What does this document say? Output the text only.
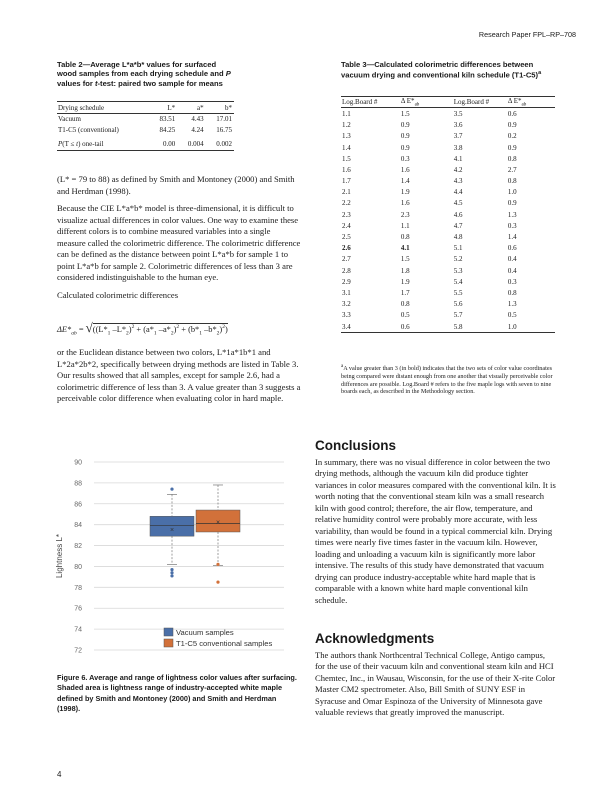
Research Paper FPL–RP–708
Table 2—Average L*a*b* values for surfaced wood samples from each drying schedule and P values for t-test: paired two sample for means
Drying schedule	L*	a*	b*
Vacuum	83.51	4.43	17.01
T1-C5 (conventional)	84.25	4.24	16.75
P(T ≤ t) one-tail	0.00	0.004	0.002

(L* = 79 to 88) as defined by Smith and Montoney (2000) and Smith and Herdman (1998).

Because the CIE L*a*b* model is three-dimensional, it is difficult to visualize actual differences in color values. One way to examine these different colors is to combine measured variables into a single measure called the colorimetric difference. The colorimetric difference can be defined as the distance between point L*a*b for sample 1 to point L*a*b for sample 2. Colorimetric differences of less than 3 are considered indistinguishable to the human eye.

Calculated colorimetric differences

$\Delta E*_{ab} = √((L*_1$ $-L*_2)^2 + (a*_1$ $-a*_2)^2 + (b*_1$ $-b*_2)^2$)

or the Euclidean distance between two colors, L*1a*1b*1 and L*2a*2b*2, specifically between drying methods are listed in Table 3. Our results showed that all samples, except for sample 2.6, had a colorimetric difference of less than 3. A value greater than 3 suggests a perceivable color difference when evaluating color in hard maple.

72
74
76
78
80
82
84
86
88
90
Lightness L*
×
×
Vacuum samples
T1-C5 conventional samples
Figure 6. Average and range of lightness color values after surfacing. Shaded area is lightness range of industry-accepted white maple defined by Smith and Montoney (2000) and Smith and Herdman (1998).
Table 3—Calculated colorimetric differences between vacuum drying and conventional kiln schedule $(T1-C5)^a$
Log.Board #	Δ $E*_{ab}$	Log.Board #	Δ $E*_{ab}$
1.1	1.5	3.5	0.6
1.2	0.9	3.6	0.9
1.3	0.9	3.7	0.2
1.4	0.9	3.8	0.9
1.5	0.3	4.1	0.8
1.6	1.6	4.2	2.7
1.7	1.4	4.3	0.8
2.1	1.9	4.4	1.0
2.2	1.6	4.5	0.9
2.3	2.3	4.6	1.3
2.4	1.1	4.7	0.3
2.5	0.8	4.8	1.4
2.6	4.1	5.1	0.6
2.7	1.5	5.2	0.4
2.8	1.8	5.3	0.4
2.9	1.9	5.4	0.3
3.1	1.7	5.5	0.8
3.2	0.8	5.6	1.3
3.3	0.5	5.7	0.5
3.4	0.6	5.8	1.0
$^a$A value greater than 3 (in bold) indicates that the two sets of color value coordinates being compared were distant enough from one another that visually perceivable color differences are possible. Log.Board # refers to the five maple logs with seven to nine boards each, as described in the Methodology section.
Conclusions

In summary, there was no visual difference in color between the two drying methods, although the vacuum kiln did produce tighter variances in color measures compared with the conventional kiln. It is worth noting that the conventional steam kiln was a small research kiln with good control; therefore, the air flow, temperature, and relative humidity control were probably more accurate, with less variability, than would be found in a typical commercial kiln. Drying times were nearly five times faster in the vacuum kiln. However, loading and unloading a vacuum kiln is significantly more labor intensive. The results of this study have demonstrated that vacuum drying can produce industry-acceptable white hard maple that is comparable with a known white hard maple conventional kiln schedule.

Acknowledgments

The authors thank Northcentral Technical College, Antigo campus, for the use of their vacuum kiln and conventional steam kiln and HCI Chemtec, Inc., in Wausau, Wisconsin, for the use of their X-rite Color Master CM2 spectrometer. Also, Bill Smith of SUNY ESF in Syracuse and Omar Espinoza of the University of Minnesota gave valuable reviews that greatly improved the manuscript.

4
